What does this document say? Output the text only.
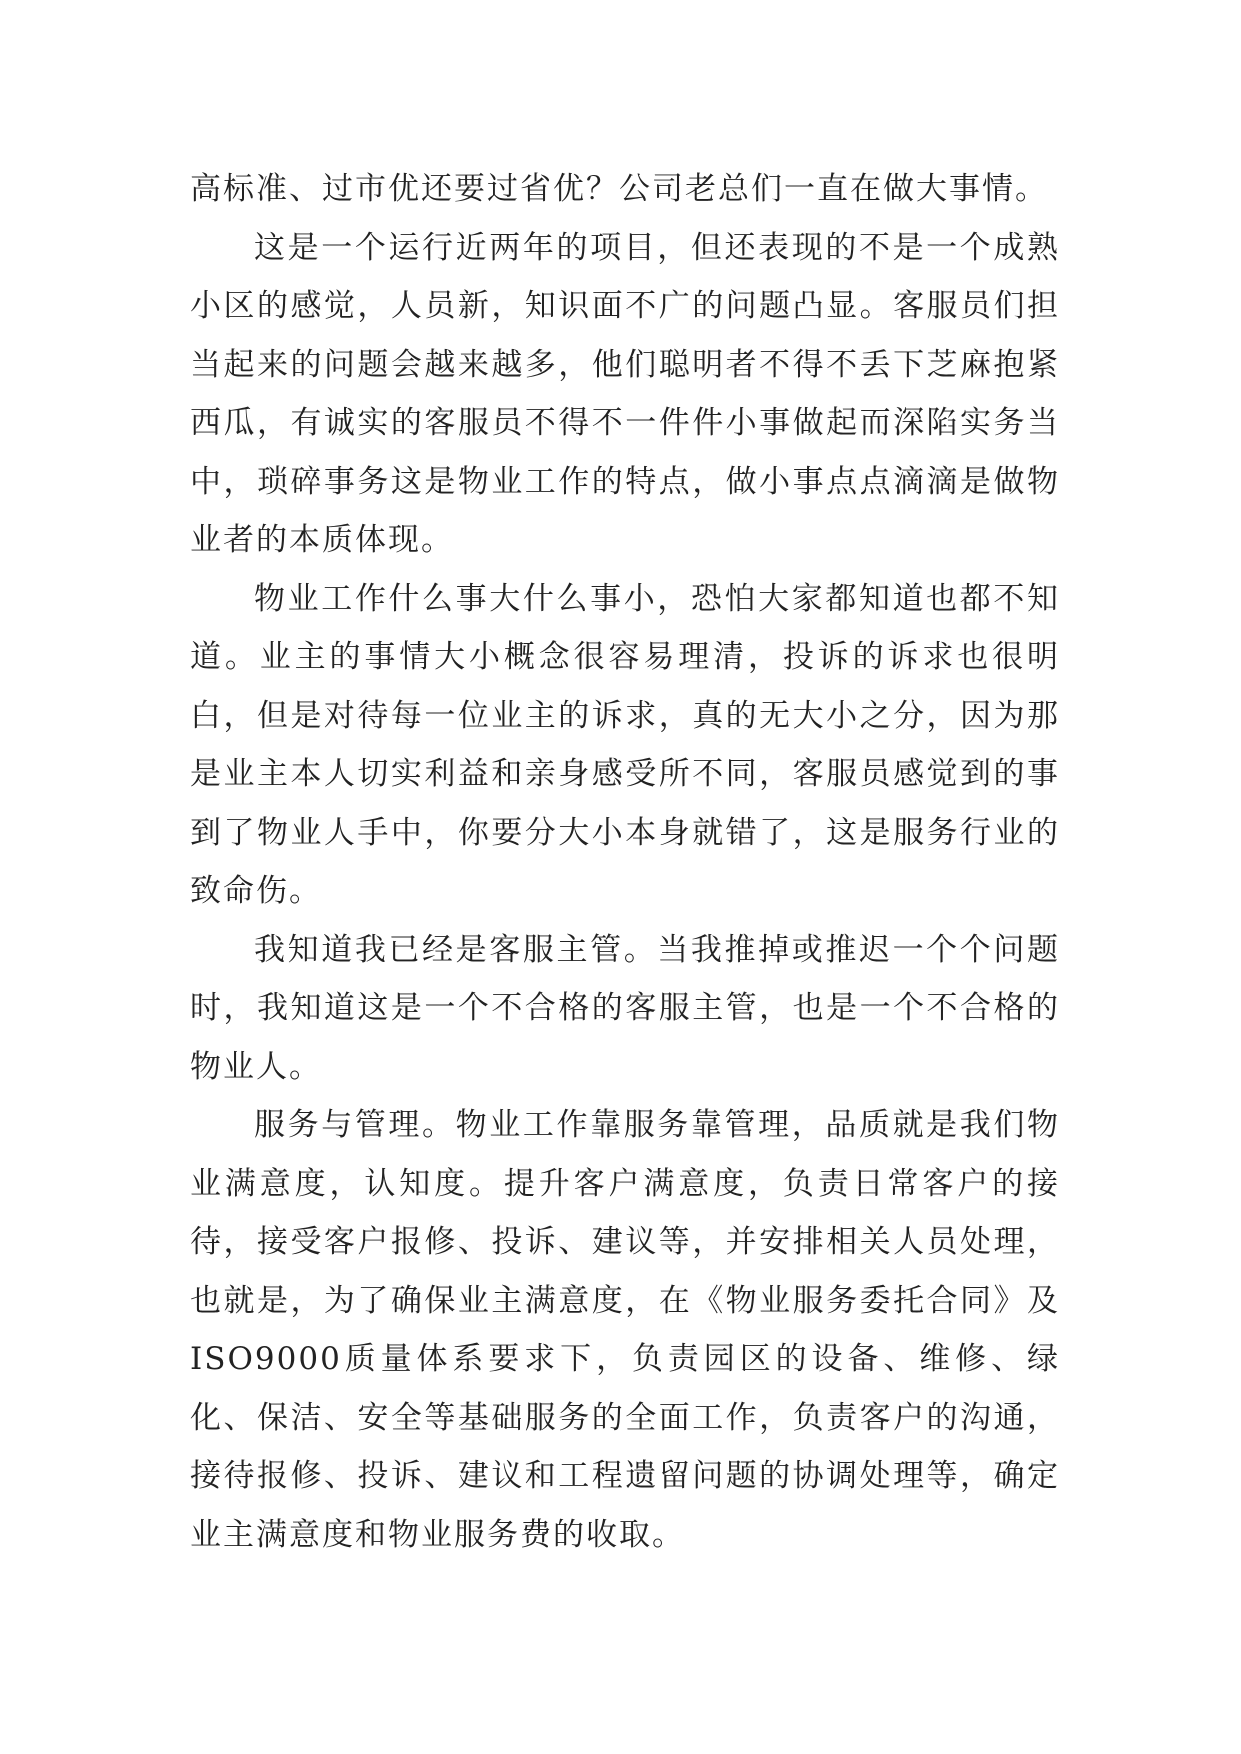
高标准、过市优还要过省优？公司老总们一直在做大事情。

这是一个运行近两年的项目，但还表现的不是一个成熟小区的感觉，人员新，知识面不广的问题凸显。客服员们担当起来的问题会越来越多，他们聪明者不得不丢下芝麻抱紧西瓜，有诚实的客服员不得不一件件小事做起而深陷实务当中，琐碎事务这是物业工作的特点，做小事点点滴滴是做物业者的本质体现。

物业工作什么事大什么事小，恐怕大家都知道也都不知道。业主的事情大小概念很容易理清，投诉的诉求也很明白，但是对待每一位业主的诉求，真的无大小之分，因为那是业主本人切实利益和亲身感受所不同，客服员感觉到的事到了物业人手中，你要分大小本身就错了，这是服务行业的致命伤。

我知道我已经是客服主管。当我推掉或推迟一个个问题时，我知道这是一个不合格的客服主管，也是一个不合格的物业人。

服务与管理。物业工作靠服务靠管理，品质就是我们物业满意度，认知度。提升客户满意度，负责日常客户的接待，接受客户报修、投诉、建议等，并安排相关人员处理，也就是，为了确保业主满意度，在《物业服务委托合同》及ISO9000质量体系要求下，负责园区的设备、维修、绿化、保洁、安全等基础服务的全面工作，负责客户的沟通，接待报修、投诉、建议和工程遗留问题的协调处理等，确定业主满意度和物业服务费的收取。
